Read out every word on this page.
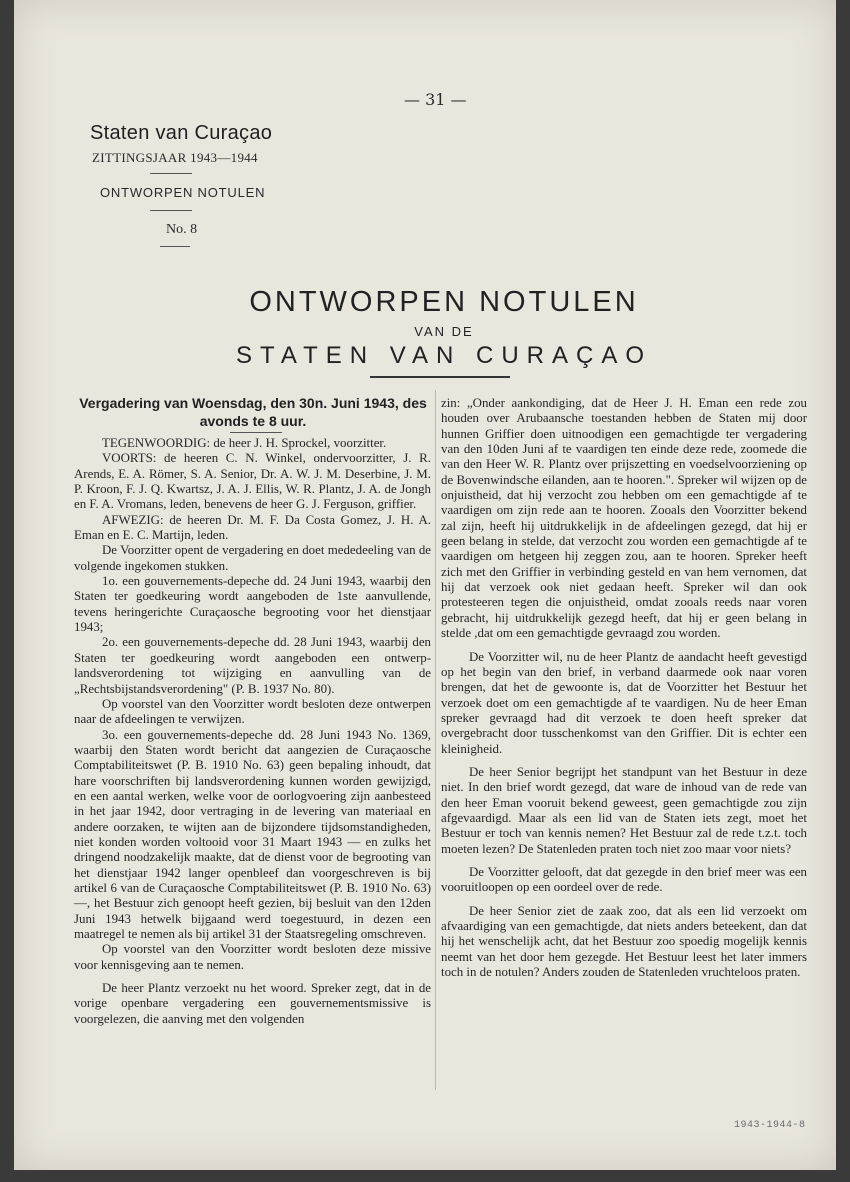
— 31 —
Staten van Curaçao
ZITTINGSJAAR 1943—1944
ONTWORPEN NOTULEN
No. 8
ONTWORPEN NOTULEN
VAN DE
STATEN VAN CURAÇAO
Vergadering van Woensdag, den 30n. Juni 1943, des avonds te 8 uur.

TEGENWOORDIG: de heer J. H. Sprockel, voorzitter.

VOORTS: de heeren C. N. Winkel, ondervoorzitter, J. R. Arends, E. A. Römer, S. A. Senior, Dr. A. W. J. M. Deserbine, J. M. P. Kroon, F. J. Q. Kwartsz, J. A. J. Ellis, W. R. Plantz, J. A. de Jongh en F. A. Vromans, leden, benevens de heer G. J. Ferguson, griffier.

AFWEZIG: de heeren Dr. M. F. Da Costa Gomez, J. H. A. Eman en E. C. Martijn, leden.

De Voorzitter opent de vergadering en doet mededeeling van de volgende ingekomen stukken.

1o. een gouvernements-depeche dd. 24 Juni 1943, waarbij den Staten ter goedkeuring wordt aangeboden de 1ste aanvullende, tevens heringerichte Curaçaosche begrooting voor het dienstjaar 1943;

2o. een gouvernements-depeche dd. 28 Juni 1943, waarbij den Staten ter goedkeuring wordt aangeboden een ontwerp-landsverordening tot wijziging en aanvulling van de „Rechtsbijstandsverordening" (P. B. 1937 No. 80).

Op voorstel van den Voorzitter wordt besloten deze ontwerpen naar de afdeelingen te verwijzen.

3o. een gouvernements-depeche dd. 28 Juni 1943 No. 1369, waarbij den Staten wordt bericht dat aangezien de Curaçaosche Comptabiliteitswet (P. B. 1910 No. 63) geen bepaling inhoudt, dat hare voorschriften bij landsverordening kunnen worden gewijzigd, en een aantal werken, welke voor de oorlogvoering zijn aanbesteed in het jaar 1942, door vertraging in de levering van materiaal en andere oorzaken, te wijten aan de bijzondere tijdsomstandigheden, niet konden worden voltooid voor 31 Maart 1943 — en zulks het dringend noodzakelijk maakte, dat de dienst voor de begrooting van het dienstjaar 1942 langer openbleef dan voorgeschreven is bij artikel 6 van de Curaçaosche Comptabiliteitswet (P. B. 1910 No. 63) —, het Bestuur zich genoopt heeft gezien, bij besluit van den 12den Juni 1943 hetwelk bijgaand werd toegestuurd, in dezen een maatregel te nemen als bij artikel 31 der Staatsregeling omschreven.

Op voorstel van den Voorzitter wordt besloten deze missive voor kennisgeving aan te nemen.

De heer Plantz verzoekt nu het woord. Spreker zegt, dat in de vorige openbare vergadering een gouvernementsmissive is voorgelezen, die aanving met den volgenden

zin: „Onder aankondiging, dat de Heer J. H. Eman een rede zou houden over Arubaansche toestanden hebben de Staten mij door hunnen Griffier doen uitnoodigen een gemachtigde ter vergadering van den 10den Juni af te vaardigen ten einde deze rede, zoomede die van den Heer W. R. Plantz over prijszetting en voedselvoorziening op de Bovenwindsche eilanden, aan te hooren.". Spreker wil wijzen op de onjuistheid, dat hij verzocht zou hebben om een gemachtigde af te vaardigen om zijn rede aan te hooren. Zooals den Voorzitter bekend zal zijn, heeft hij uitdrukkelijk in de afdeelingen gezegd, dat hij er geen belang in stelde, dat verzocht zou worden een gemachtigde af te vaardigen om hetgeen hij zeggen zou, aan te hooren. Spreker heeft zich met den Griffier in verbinding gesteld en van hem vernomen, dat hij dat verzoek ook niet gedaan heeft. Spreker wil dan ook protesteeren tegen die onjuistheid, omdat zooals reeds naar voren gebracht, hij uitdrukkelijk gezegd heeft, dat hij er geen belang in stelde ,dat om een gemachtigde gevraagd zou worden.

De Voorzitter wil, nu de heer Plantz de aandacht heeft gevestigd op het begin van den brief, in verband daarmede ook naar voren brengen, dat het de gewoonte is, dat de Voorzitter het Bestuur het verzoek doet om een gemachtigde af te vaardigen. Nu de heer Eman spreker gevraagd had dit verzoek te doen heeft spreker dat overgebracht door tusschenkomst van den Griffier. Dit is echter een kleinigheid.

De heer Senior begrijpt het standpunt van het Bestuur in deze niet. In den brief wordt gezegd, dat ware de inhoud van de rede van den heer Eman vooruit bekend geweest, geen gemachtigde zou zijn afgevaardigd. Maar als een lid van de Staten iets zegt, moet het Bestuur er toch van kennis nemen? Het Bestuur zal de rede t.z.t. toch moeten lezen? De Statenleden praten toch niet zoo maar voor niets?

De Voorzitter gelooft, dat dat gezegde in den brief meer was een vooruitloopen op een oordeel over de rede.

De heer Senior ziet de zaak zoo, dat als een lid verzoekt om afvaardiging van een gemachtigde, dat niets anders beteekent, dan dat hij het wenschelijk acht, dat het Bestuur zoo spoedig mogelijk kennis neemt van het door hem gezegde. Het Bestuur leest het later immers toch in de notulen? Anders zouden de Statenleden vruchteloos praten.

1943-1944-8
